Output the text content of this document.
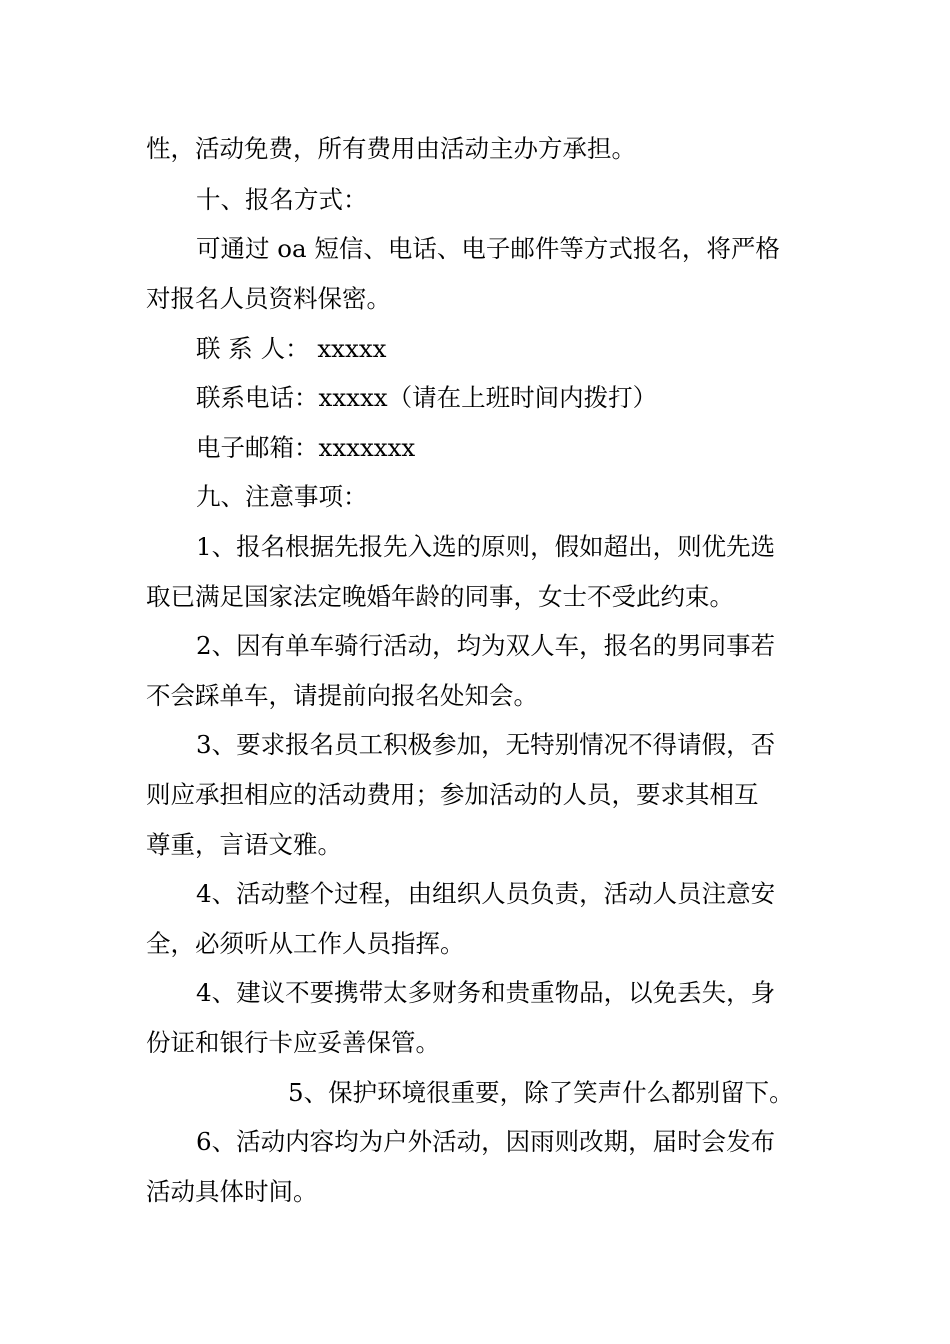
性，活动免费，所有费用由活动主办方承担。
十、报名方式：
可通过 oa 短信、电话、电子邮件等方式报名，将严格
对报名人员资料保密。
联 系 人： xxxxx
联系电话：xxxxx（请在上班时间内拨打）
电子邮箱：xxxxxxx
九、注意事项：
1、报名根据先报先入选的原则，假如超出，则优先选
取已满足国家法定晚婚年龄的同事，女士不受此约束。
2、因有单车骑行活动，均为双人车，报名的男同事若
不会踩单车，请提前向报名处知会。
3、要求报名员工积极参加，无特别情况不得请假，否
则应承担相应的活动费用；参加活动的人员，要求其相互
尊重，言语文雅。
4、活动整个过程，由组织人员负责，活动人员注意安
全，必须听从工作人员指挥。
4、建议不要携带太多财务和贵重物品，以免丢失，身
份证和银行卡应妥善保管。
5、保护环境很重要，除了笑声什么都别留下。
6、活动内容均为户外活动，因雨则改期，届时会发布
活动具体时间。
